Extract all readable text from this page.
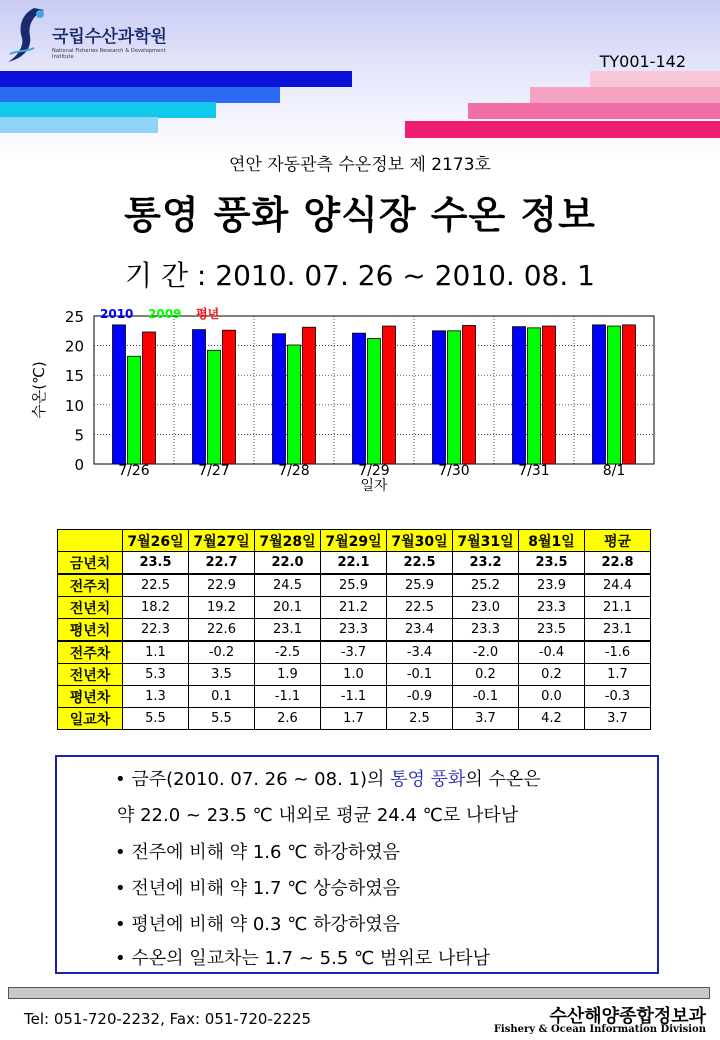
국립수산과학원
National Fisheries Research & Development Institute	TY001-142
연안 자동관측 수온정보 제 2173호
통영 풍화 양식장 수온 정보
기 간 : 2010. 07. 26 ~ 2010. 08. 1
0
5
10
15
20
25
7/26	7/27	7/28	7/29	7/30	7/31	8/1
2010 2009 평년
일자
수온(℃)
	7월26일	7월27일	7월28일	7월29일	7월30일	7월31일	8월1일	평균
금년치	23.5	22.7	22.0	22.1	22.5	23.2	23.5	22.8
전주치	22.5	22.9	24.5	25.9	25.9	25.2	23.9	24.4
전년치	18.2	19.2	20.1	21.2	22.5	23.0	23.3	21.1
평년치	22.3	22.6	23.1	23.3	23.4	23.3	23.5	23.1
전주차	1.1	-0.2	-2.5	-3.7	-3.4	-2.0	-0.4	-1.6
전년차	5.3	3.5	1.9	1.0	-0.1	0.2	0.2	1.7
평년차	1.3	0.1	-1.1	-1.1	-0.9	-0.1	0.0	-0.3
일교차	5.5	5.5	2.6	1.7	2.5	3.7	4.2	3.7
• 금주(2010. 07. 26 ~ 08. 1)의 통영 풍화의 수온은
약 22.0 ~ 23.5 ℃ 내외로 평균 24.4 ℃로 나타남
• 전주에 비해 약 1.6 ℃ 하강하였음
• 전년에 비해 약 1.7 ℃ 상승하였음
• 평년에 비해 약 0.3 ℃ 하강하였음
• 수온의 일교차는 1.7 ~ 5.5 ℃ 범위로 나타남
Tel: 051-720-2232, Fax: 051-720-2225	수산해양종합정보과
Fishery & Ocean Information Division
